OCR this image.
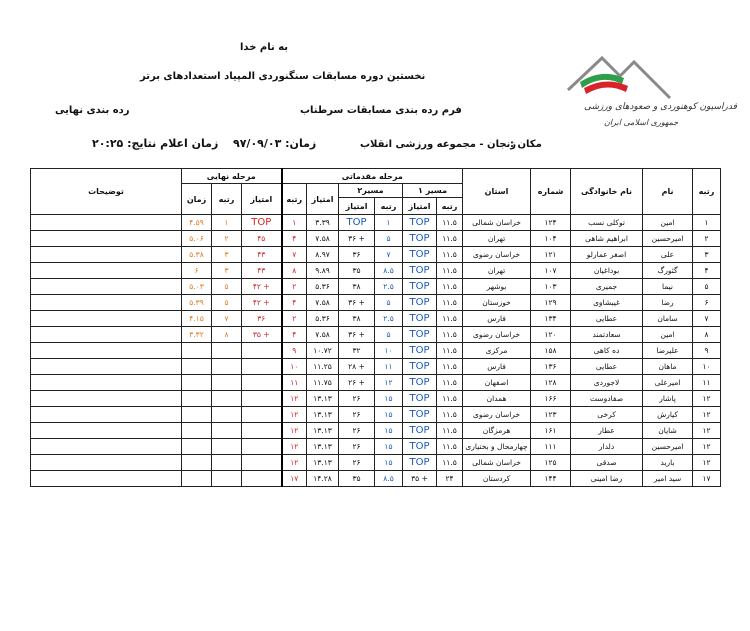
به نام خدا
نخستین دوره مسابقات سنگنوردی المپیاد استعدادهای برتر
فرم رده بندی مسابقات سرطناب
رده بندی نهایی
مکان :
زنجان - مجموعه ورزشی انقلاب
زمان: ۹۷/۰۹/۰۳
زمان اعلام نتایج: ۲۰:۲۵
فدراسیون کوهنوردی و صعودهای ورزشی
جمهوری اسلامی ایران
رتبه	نام	نام خانوادگی	شماره	استان	مرحله مقدماتی						مرحله نهایی			توضیحات
					مسیر ۱		مسیر۲		امتیاز	رتبه	امتیاز	رتبه	زمان	
					رتبه	امتیاز	رتبه	امتیاز						
۱	امین	توکلی نسب	۱۲۴	خراسان شمالی	۱۱.۵	TOP	۱	TOP	۳.۳۹	۱	TOP	۱	۴.۵۹	
۲	امیرحسین	ابراهیم شاهی	۱۰۴	تهران	۱۱.۵	TOP	۵	+ ۳۶	۷.۵۸	۴	۴۵	۲	۵.۰۶	
۳	علی	اصغر عمارلو	۱۲۱	خراسان رضوی	۱۱.۵	TOP	۷	۳۶	۸.۹۷	۷	۴۳	۳	۵.۳۸	
۴	گئورگ	بوداغیان	۱۰۷	تهران	۱۱.۵	TOP	۸.۵	۳۵	۹.۸۹	۸	۴۳	۳	۶	
۵	نیما	جمیری	۱۰۳	بوشهر	۱۱.۵	TOP	۲.۵	۳۸	۵.۳۶	۲	+ ۴۲	۵	۵.۰۳	
۶	رضا	غیبشاوی	۱۲۹	خوزستان	۱۱.۵	TOP	۵	+ ۳۶	۷.۵۸	۴	+ ۴۲	۵	۵.۳۹	
۷	سامان	عطایی	۱۳۴	فارس	۱۱.۵	TOP	۲.۵	۳۸	۵.۳۶	۲	۳۶	۷	۴.۱۵	
۸	امین	سعادتمند	۱۲۰	خراسان رضوی	۱۱.۵	TOP	۵	+ ۳۶	۷.۵۸	۴	+ ۳۵	۸	۳.۳۲	
۹	علیرضا	ده کاهی	۱۵۸	مرکزی	۱۱.۵	TOP	۱۰	۳۲	۱۰.۷۲	۹				
۱۰	ماهان	عطایی	۱۳۶	فارس	۱۱.۵	TOP	۱۱	+ ۲۸	۱۱.۲۵	۱۰				
۱۱	امیرعلی	لاجوردی	۱۲۸	اصفهان	۱۱.۵	TOP	۱۲	+ ۲۶	۱۱.۷۵	۱۱				
۱۲	پاشار	صفادوست	۱۶۶	همدان	۱۱.۵	TOP	۱۵	۲۶	۱۳.۱۳	۱۲				
۱۲	کیارش	کرخی	۱۲۳	خراسان رضوی	۱۱.۵	TOP	۱۵	۲۶	۱۳.۱۳	۱۲				
۱۲	شایان	عطار	۱۶۱	هرمزگان	۱۱.۵	TOP	۱۵	۲۶	۱۳.۱۳	۱۲				
۱۲	امیرحسین	دلدار	۱۱۱	چهارمحال و بختیاری	۱۱.۵	TOP	۱۵	۲۶	۱۳.۱۳	۱۲				
۱۲	بارید	صدقی	۱۲۵	خراسان شمالی	۱۱.۵	TOP	۱۵	۲۶	۱۳.۱۳	۱۲				
۱۷	سید امیر	رضا امینی	۱۴۴	کردستان	۲۴	+ ۳۵	۸.۵	۳۵	۱۴.۲۸	۱۷				
